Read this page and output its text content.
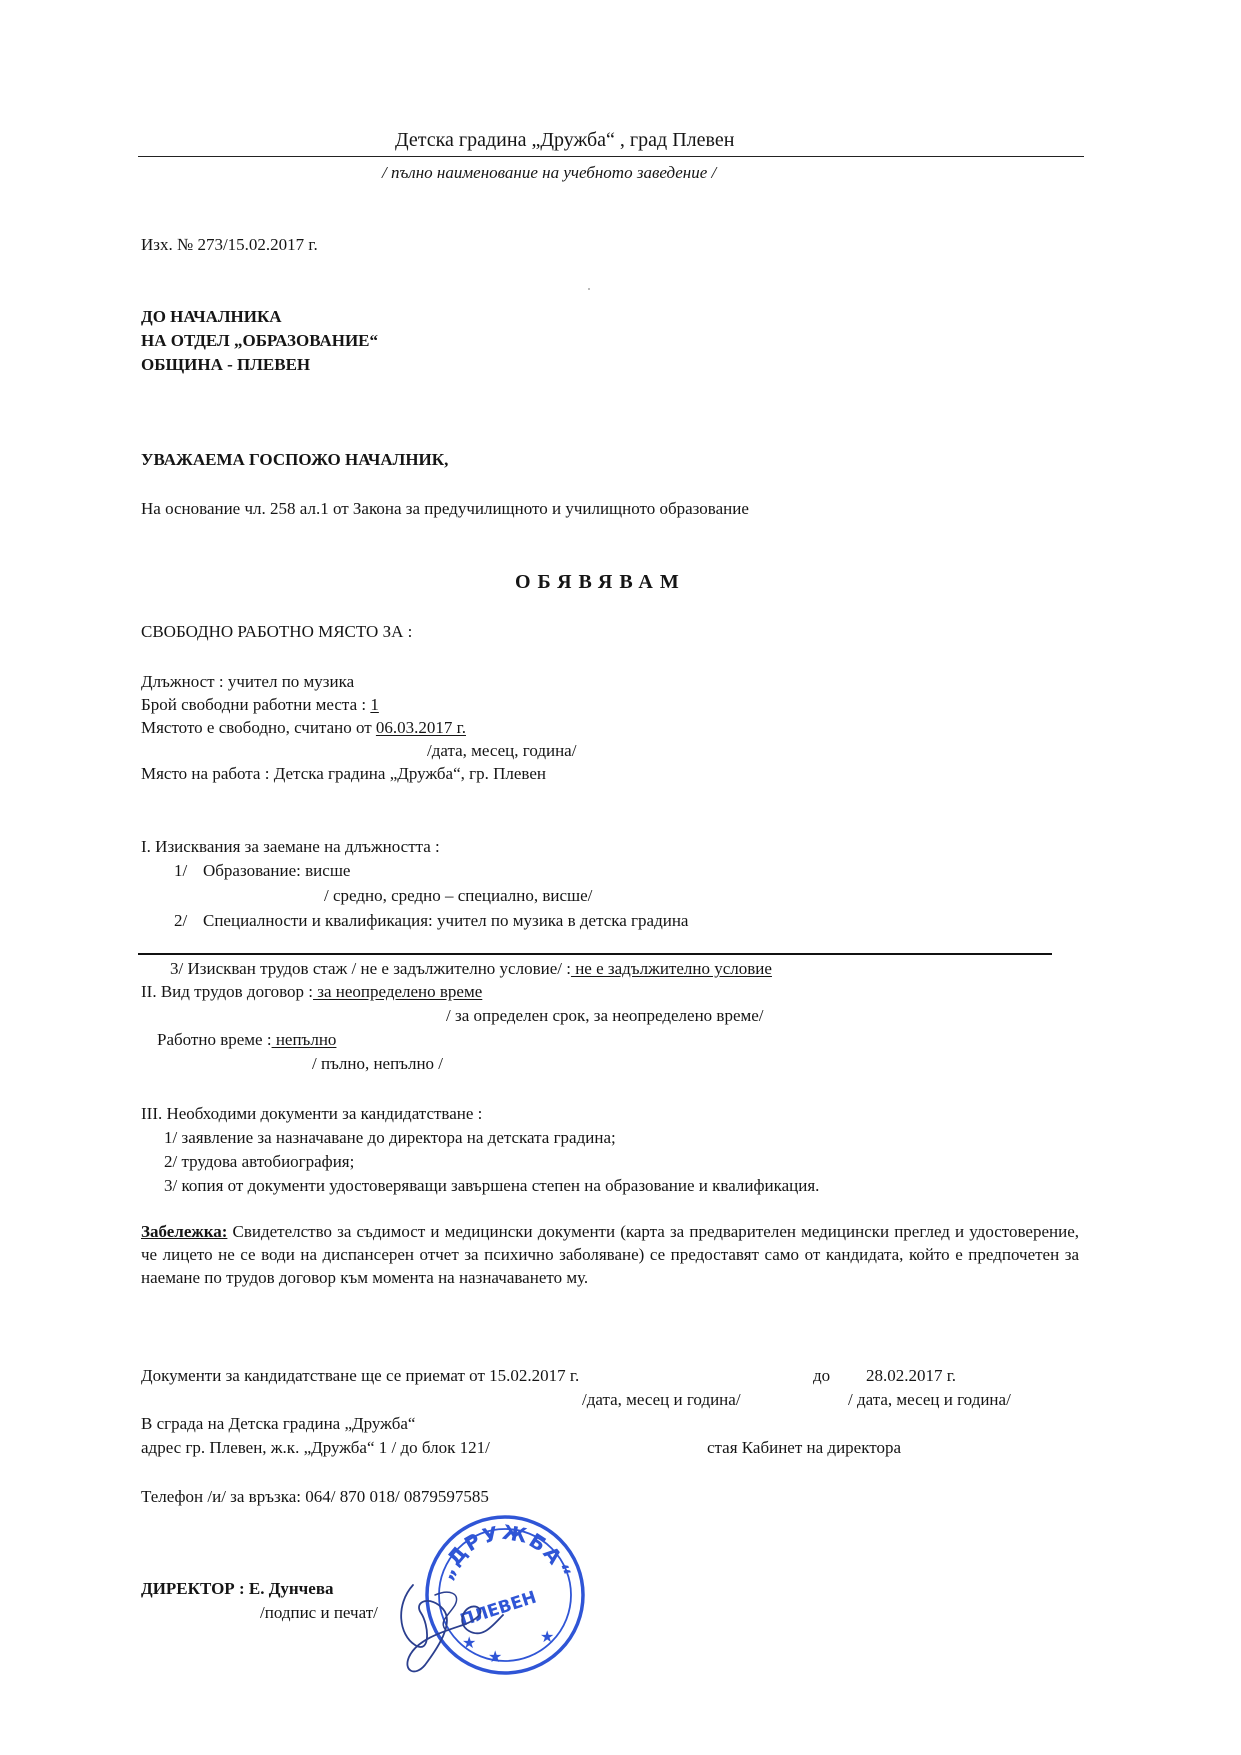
Детска градина „Дружба“ , град Плевен
/ пълно наименование на учебното заведение /
Изх. № 273/15.02.2017 г.
ДО НАЧАЛНИКА
НА ОТДЕЛ „ОБРАЗОВАНИЕ“
ОБЩИНА - ПЛЕВЕН
УВАЖАЕМА ГОСПОЖО НАЧАЛНИК,
На основание чл. 258 ал.1 от Закона за предучилищното и училищното образование
ОБЯВЯВАМ
СВОБОДНО РАБОТНО МЯСТО ЗА :
Длъжност : учител по музика
Брой свободни работни места : 1
Мястото е свободно, считано от 06.03.2017 г.
/дата, месец, година/
Място на работа : Детска градина „Дружба“, гр. Плевен
I. Изисквания за заемане на длъжността :
1/ Образование: висше
/ средно, средно – специално, висше/
2/ Специалности и квалификация: учител по музика в детска градина
3/ Изискван трудов стаж / не е задължително условие/ : не е задължително условие
II. Вид трудов договор : за неопределено време
/ за определен срок, за неопределено време/
Работно време : непълно
/ пълно, непълно /
III. Необходими документи за кандидатстване :
1/ заявление за назначаване до директора на детската градина;
2/ трудова автобиография;
3/ копия от документи удостоверяващи завършена степен на образование и квалификация.
Забележка: Свидетелство за съдимост и медицински документи (карта за предварителен медицински преглед и удостоверение, че лицето не се води на диспансерен отчет за психично заболяване) се предоставят само от кандидата, който е предпочетен за наемане по трудов договор към момента на назначаването му.
Документи за кандидатстване ще се приемат от 15.02.2017 г.	до 28.02.2017 г.
/дата, месец и година/	/ дата, месец и година/
В сграда на Детска градина „Дружба“
адрес гр. Плевен, ж.к. „Дружба“ 1 / до блок 121/	стая Кабинет на директора
Телефон /и/ за връзка: 064/ 870 018/ 0879597585
ДИРЕКТОР : Е. Дунчева
/подпис и печат/
„ДРУЖБА“
ПЛЕВЕН
★
★
★
